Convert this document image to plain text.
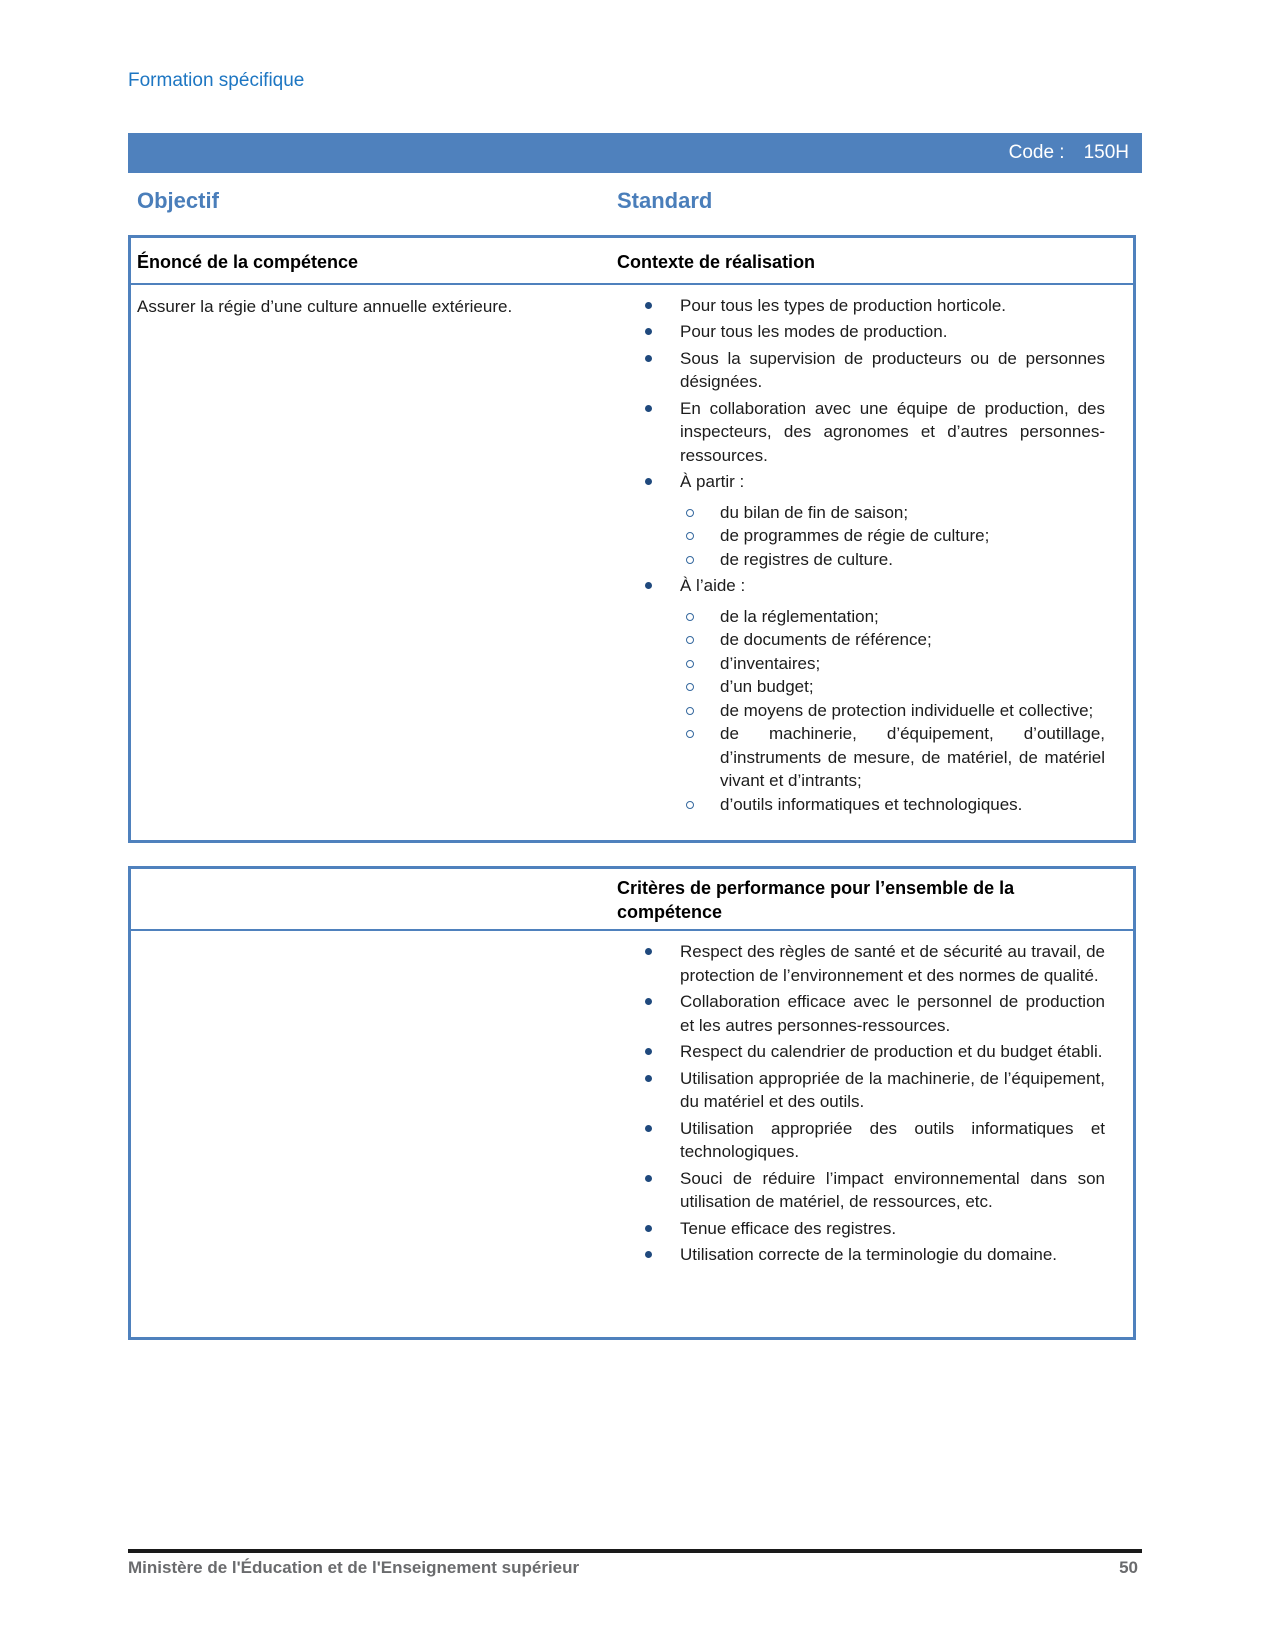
Formation spécifique
Code : 150H
Objectif	Standard
Énoncé de la compétence	Contexte de réalisation

Assurer la régie d’une culture annuelle extérieure.	Pour tous les types de production horticole.

Pour tous les modes de production.

Sous la supervision de producteurs ou de personnes désignées.

En collaboration avec une équipe de production, des inspecteurs, des agronomes et d’autres personnes-ressources.

À partir :

du bilan de fin de saison;

de programmes de régie de culture;

de registres de culture.

À l’aide :

de la réglementation;

de documents de référence;

d’inventaires;

d’un budget;

de moyens de protection individuelle et collective;

de machinerie, d’équipement, d’outillage, d’instruments de mesure, de matériel, de matériel vivant et d’intrants;

d’outils informatiques et technologiques.

Critères de performance pour l’ensemble de la compétence

Respect des règles de santé et de sécurité au travail, de protection de l’environnement et des normes de qualité.

Collaboration efficace avec le personnel de production et les autres personnes-ressources.

Respect du calendrier de production et du budget établi.

Utilisation appropriée de la machinerie, de l’équipement, du matériel et des outils.

Utilisation appropriée des outils informatiques et technologiques.

Souci de réduire l’impact environnemental dans son utilisation de matériel, de ressources, etc.

Tenue efficace des registres.

Utilisation correcte de la terminologie du domaine.

Ministère de l'Éducation et de l'Enseignement supérieur	50
